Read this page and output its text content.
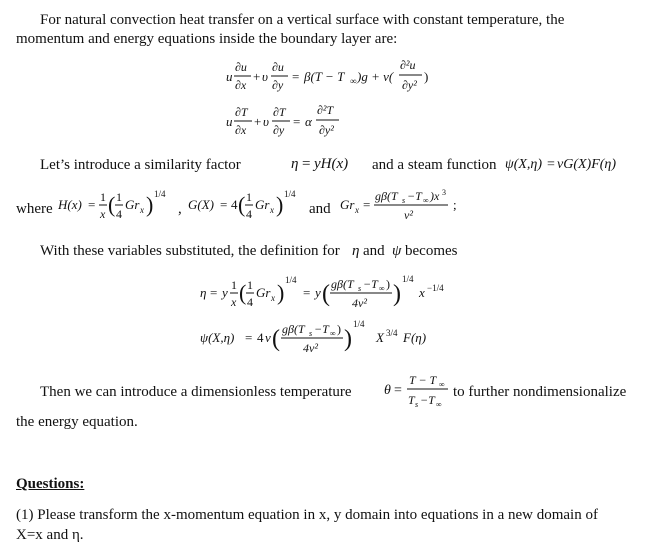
For natural convection heat transfer on a vertical surface with constant temperature, the
momentum and energy equations inside the boundary layer are:
u
∂u
∂x
+ υ
∂u
∂y
= β(T − T ∞ )g + ν(
∂²u
∂y²
)
u
∂T
∂x
+ υ
∂T
∂y
= α
∂²T
∂y²
Let’s introduce a similarity factor	η = yH(x) and a steam function ψ(X,η) = νG(X)F(η)
where H(x) = 1
x ( 1
4
Gr x ) 1/4
, G(X) = 4 ( 1
4
Gr x ) 1/4
and Gr x =
gβ(T s −T ∞ )x 3
ν²
;
With these variables substituted, the definition for η and ψ becomes
η = y 1
x ( 1
4
Gr x ) 1/4
= y ( gβ(T s −T ∞ )
4ν² )
1/4
x −1/4
ψ(X,η) = 4 ν ( gβ(T s −T ∞ )
4ν² )
1/4
X 3/4 F(η)
Then we can introduce a dimensionless temperature θ =
T − T ∞
T s −T ∞
to further nondimensionalize
the energy equation.
Questions:
(1) Please transform the x-momentum equation in x, y domain into equations in a new domain of
X=x and η.
